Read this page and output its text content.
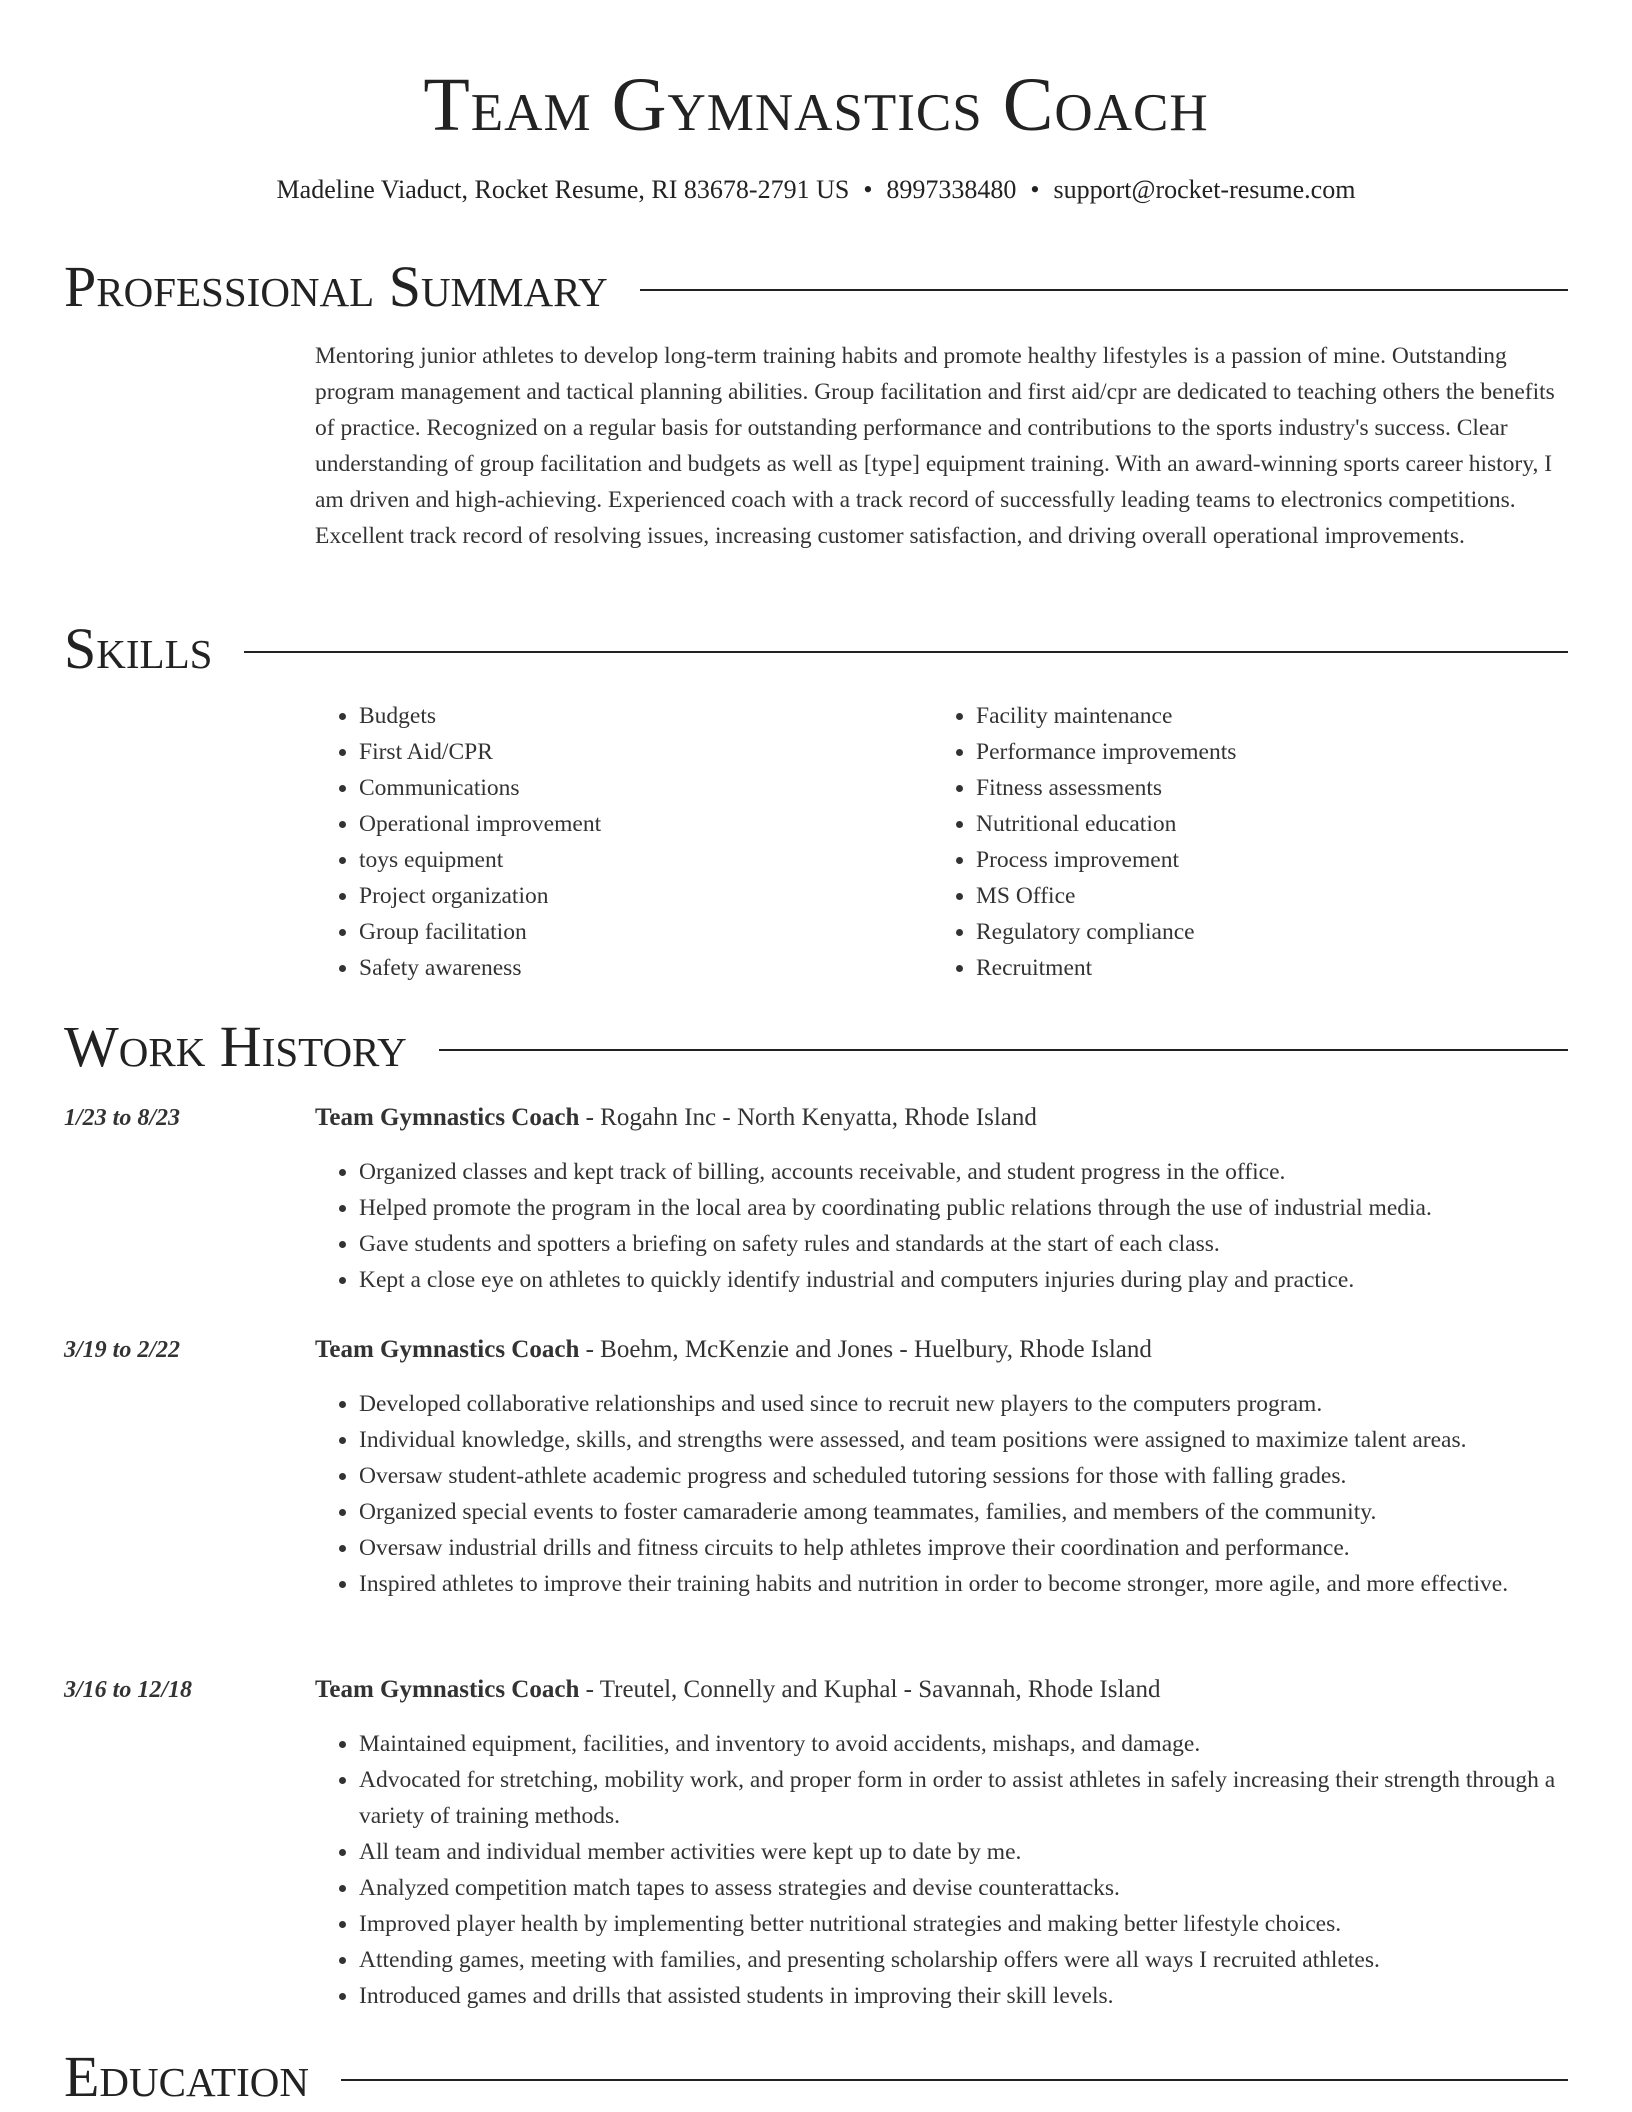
Team Gymnastics Coach
Madeline Viaduct, Rocket Resume, RI 83678-2791 US • 8997338480 • support@rocket-resume.com
Professional Summary

Mentoring junior athletes to develop long-term training habits and promote healthy lifestyles is a passion of mine. Outstanding program management and tactical planning abilities. Group facilitation and first aid/cpr are dedicated to teaching others the benefits of practice. Recognized on a regular basis for outstanding performance and contributions to the sports industry's success. Clear understanding of group facilitation and budgets as well as [type] equipment training. With an award-winning sports career history, I am driven and high-achieving. Experienced coach with a track record of successfully leading teams to electronics competitions. Excellent track record of resolving issues, increasing customer satisfaction, and driving overall operational improvements.

Skills
• Budgets
• First Aid/CPR
• Communications
• Operational improvement
• toys equipment
• Project organization
• Group facilitation
• Safety awareness
• Facility maintenance
• Performance improvements
• Fitness assessments
• Nutritional education
• Process improvement
• MS Office
• Regulatory compliance
• Recruitment
Work History
1/23 to 8/23	Team Gymnastics Coach - Rogahn Inc - North Kenyatta, Rhode Island
• Organized classes and kept track of billing, accounts receivable, and student progress in the office.
• Helped promote the program in the local area by coordinating public relations through the use of industrial media.
• Gave students and spotters a briefing on safety rules and standards at the start of each class.
• Kept a close eye on athletes to quickly identify industrial and computers injuries during play and practice.
3/19 to 2/22	Team Gymnastics Coach - Boehm, McKenzie and Jones - Huelbury, Rhode Island
• Developed collaborative relationships and used since to recruit new players to the computers program.
• Individual knowledge, skills, and strengths were assessed, and team positions were assigned to maximize talent areas.
• Oversaw student-athlete academic progress and scheduled tutoring sessions for those with falling grades.
• Organized special events to foster camaraderie among teammates, families, and members of the community.
• Oversaw industrial drills and fitness circuits to help athletes improve their coordination and performance.
• Inspired athletes to improve their training habits and nutrition in order to become stronger, more agile, and more effective.
3/16 to 12/18	Team Gymnastics Coach - Treutel, Connelly and Kuphal - Savannah, Rhode Island
• Maintained equipment, facilities, and inventory to avoid accidents, mishaps, and damage.
• Advocated for stretching, mobility work, and proper form in order to assist athletes in safely increasing their strength through a variety of training methods.
• All team and individual member activities were kept up to date by me.
• Analyzed competition match tapes to assess strategies and devise counterattacks.
• Improved player health by implementing better nutritional strategies and making better lifestyle choices.
• Attending games, meeting with families, and presenting scholarship offers were all ways I recruited athletes.
• Introduced games and drills that assisted students in improving their skill levels.
Education
